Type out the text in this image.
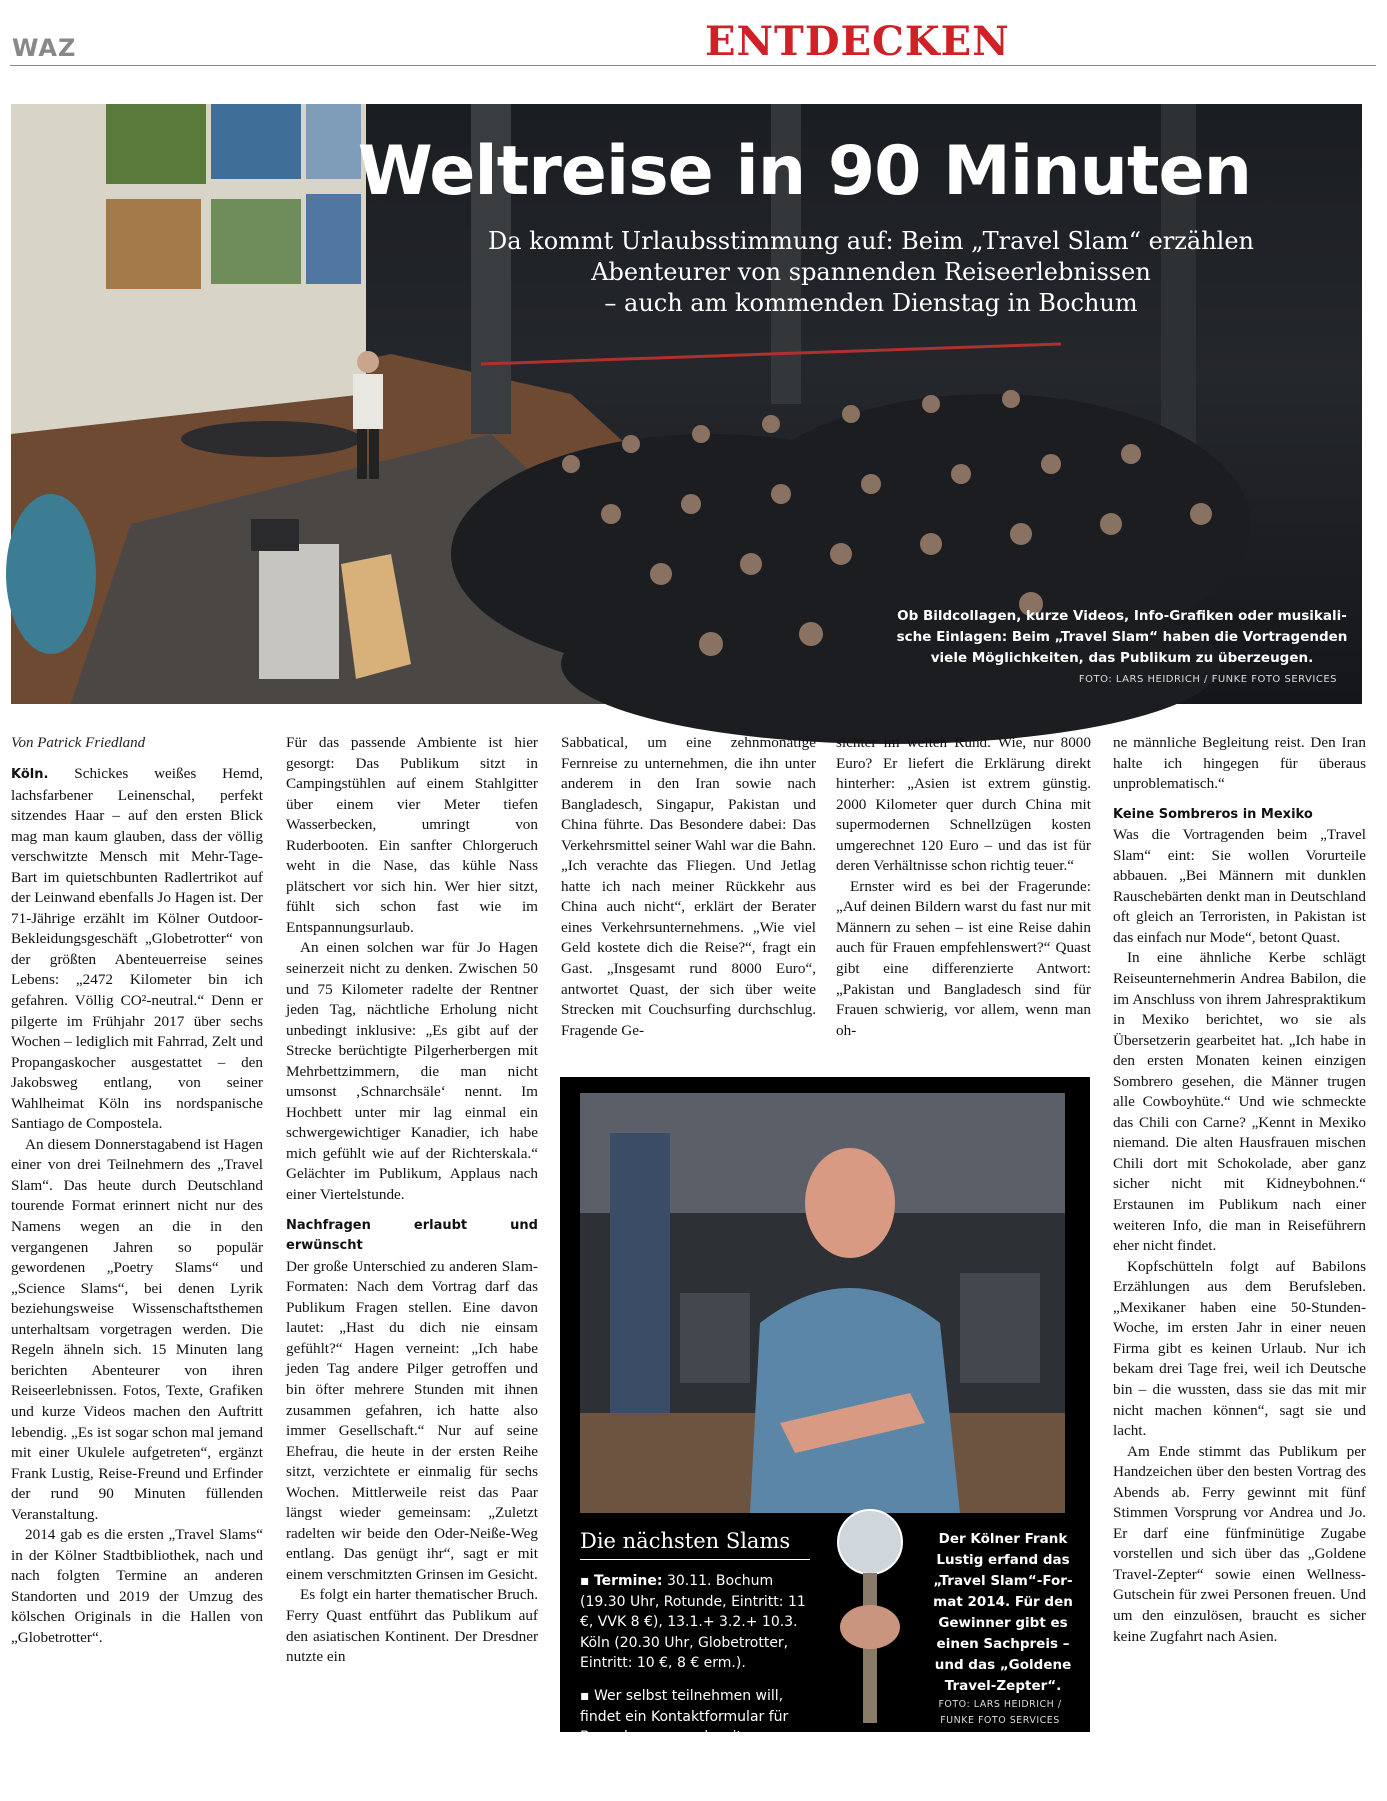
WAZ	ENTDECKEN
Weltreise in 90 Minuten
Da kommt Urlaubsstimmung auf: Beim „Travel Slam“ erzählen
Abenteurer von spannenden Reiseerlebnissen
– auch am kommenden Dienstag in Bochum
Ob Bildcollagen, kurze Videos, Info-Grafiken oder musikali-
sche Einlagen: Beim „Travel Slam“ haben die Vortragenden
viele Möglichkeiten, das Publikum zu überzeugen.
FOTO: LARS HEIDRICH / FUNKE FOTO SERVICES
Von Patrick Friedland

Köln. Schickes weißes Hemd, lachsfarbener Leinenschal, perfekt sitzendes Haar – auf den ersten Blick mag man kaum glauben, dass der völlig verschwitzte Mensch mit Mehr-Tage-Bart im quietschbunten Radlertrikot auf der Leinwand ebenfalls Jo Hagen ist. Der 71-Jährige erzählt im Kölner Outdoor-Bekleidungsgeschäft „Globetrotter“ von der größten Abenteuerreise seines Lebens: „2472 Kilometer bin ich gefahren. Völlig CO²-neutral.“ Denn er pilgerte im Frühjahr 2017 über sechs Wochen – lediglich mit Fahrrad, Zelt und Propangaskocher ausgestattet – den Jakobsweg entlang, von seiner Wahlheimat Köln ins nordspanische Santiago de Compostela.

An diesem Donnerstagabend ist Hagen einer von drei Teilnehmern des „Travel Slam“. Das heute durch Deutschland tourende Format erinnert nicht nur des Namens wegen an die in den vergangenen Jahren so populär gewordenen „Poetry Slams“ und „Science Slams“, bei denen Lyrik beziehungsweise Wissenschaftsthemen unterhaltsam vorgetragen werden. Die Regeln ähneln sich. 15 Minuten lang berichten Abenteurer von ihren Reiseerlebnissen. Fotos, Texte, Grafiken und kurze Videos machen den Auftritt lebendig. „Es ist sogar schon mal jemand mit einer Ukulele aufgetreten“, ergänzt Frank Lustig, Reise-Freund und Erfinder der rund 90 Minuten füllenden Veranstaltung.

2014 gab es die ersten „Travel Slams“ in der Kölner Stadtbibliothek, nach und nach folgten Termine an anderen Standorten und 2019 der Umzug des kölschen Originals in die Hallen von „Globetrotter“.

Für das passende Ambiente ist hier gesorgt: Das Publikum sitzt in Campingstühlen auf einem Stahlgitter über einem vier Meter tiefen Wasserbecken, umringt von Ruderbooten. Ein sanfter Chlorgeruch weht in die Nase, das kühle Nass plätschert vor sich hin. Wer hier sitzt, fühlt sich schon fast wie im Entspannungsurlaub.

An einen solchen war für Jo Hagen seinerzeit nicht zu denken. Zwischen 50 und 75 Kilometer radelte der Rentner jeden Tag, nächtliche Erholung nicht unbedingt inklusive: „Es gibt auf der Strecke berüchtigte Pilgerherbergen mit Mehrbettzimmern, die man nicht umsonst ‚Schnarchsäle‘ nennt. Im Hochbett unter mir lag einmal ein schwergewichtiger Kanadier, ich habe mich gefühlt wie auf der Richterskala.“ Gelächter im Publikum, Applaus nach einer Viertelstunde.

Nachfragen erlaubt und erwünscht

Der große Unterschied zu anderen Slam-Formaten: Nach dem Vortrag darf das Publikum Fragen stellen. Eine davon lautet: „Hast du dich nie einsam gefühlt?“ Hagen verneint: „Ich habe jeden Tag andere Pilger getroffen und bin öfter mehrere Stunden mit ihnen zusammen gefahren, ich hatte also immer Gesellschaft.“ Nur auf seine Ehefrau, die heute in der ersten Reihe sitzt, verzichtete er einmalig für sechs Wochen. Mittlerweile reist das Paar längst wieder gemeinsam: „Zuletzt radelten wir beide den Oder-Neiße-Weg entlang. Das genügt ihr“, sagt er mit einem verschmitzten Grinsen im Gesicht.

Es folgt ein harter thematischer Bruch. Ferry Quast entführt das Publikum auf den asiatischen Kontinent. Der Dresdner nutzte ein

Sabbatical, um eine zehnmonatige Fernreise zu unternehmen, die ihn unter anderem in den Iran sowie nach Bangladesch, Singapur, Pakistan und China führte. Das Besondere dabei: Das Verkehrsmittel seiner Wahl war die Bahn. „Ich verachte das Fliegen. Und Jetlag hatte ich nach meiner Rückkehr aus China auch nicht“, erklärt der Berater eines Verkehrsunternehmens. „Wie viel Geld kostete dich die Reise?“, fragt ein Gast. „Insgesamt rund 8000 Euro“, antwortet Quast, der sich über weite Strecken mit Couchsurfing durchschlug. Fragende Ge-

sichter im weiten Rund. Wie, nur 8000 Euro? Er liefert die Erklärung direkt hinterher: „Asien ist extrem günstig. 2000 Kilometer quer durch China mit supermodernen Schnellzügen kosten umgerechnet 120 Euro – und das ist für deren Verhältnisse schon richtig teuer.“

Ernster wird es bei der Fragerunde: „Auf deinen Bildern warst du fast nur mit Männern zu sehen – ist eine Reise dahin auch für Frauen empfehlenswert?“ Quast gibt eine differenzierte Antwort: „Pakistan und Bangladesch sind für Frauen schwierig, vor allem, wenn man oh-

ne männliche Begleitung reist. Den Iran halte ich hingegen für überaus unproblematisch.“

Keine Sombreros in Mexiko

Was die Vortragenden beim „Travel Slam“ eint: Sie wollen Vorurteile abbauen. „Bei Männern mit dunklen Rauschebärten denkt man in Deutschland oft gleich an Terroristen, in Pakistan ist das einfach nur Mode“, betont Quast.

In eine ähnliche Kerbe schlägt Reiseunternehmerin Andrea Babilon, die im Anschluss von ihrem Jahrespraktikum in Mexiko berichtet, wo sie als Übersetzerin gearbeitet hat. „Ich habe in den ersten Monaten keinen einzigen Sombrero gesehen, die Männer trugen alle Cowboyhüte.“ Und wie schmeckte das Chili con Carne? „Kennt in Mexiko niemand. Die alten Hausfrauen mischen Chili dort mit Schokolade, aber ganz sicher nicht mit Kidneybohnen.“ Erstaunen im Publikum nach einer weiteren Info, die man in Reiseführern eher nicht findet.

Kopfschütteln folgt auf Babilons Erzählungen aus dem Berufsleben. „Mexikaner haben eine 50-Stunden-Woche, im ersten Jahr in einer neuen Firma gibt es keinen Urlaub. Nur ich bekam drei Tage frei, weil ich Deutsche bin – die wussten, dass sie das mit mir nicht machen können“, sagt sie und lacht.

Am Ende stimmt das Publikum per Handzeichen über den besten Vortrag des Abends ab. Ferry gewinnt mit fünf Stimmen Vorsprung vor Andrea und Jo. Er darf eine fünfminütige Zugabe vorstellen und sich über das „Goldene Travel-Zepter“ sowie einen Wellness-Gutschein für zwei Personen freuen. Und um den einzulösen, braucht es sicher keine Zugfahrt nach Asien.

Die nächsten Slams

▪ Termine: 30.11. Bochum (19.30 Uhr, Rotunde, Eintritt: 11 €, VVK 8 €), 13.1.+ 3.2.+ 10.3. Köln (20.30 Uhr, Globetrotter, Eintritt: 10 €, 8 € erm.).

▪ Wer selbst teilnehmen will, findet ein Kontaktformular für Bewerbungen und weitere Informationen auf travelslam.de.

Der Kölner Frank
Lustig erfand das
„Travel Slam“-For-
mat 2014. Für den
Gewinner gibt es
einen Sachpreis –
und das „Goldene
Travel-Zepter“.
FOTO: LARS HEIDRICH /
FUNKE FOTO SERVICES
